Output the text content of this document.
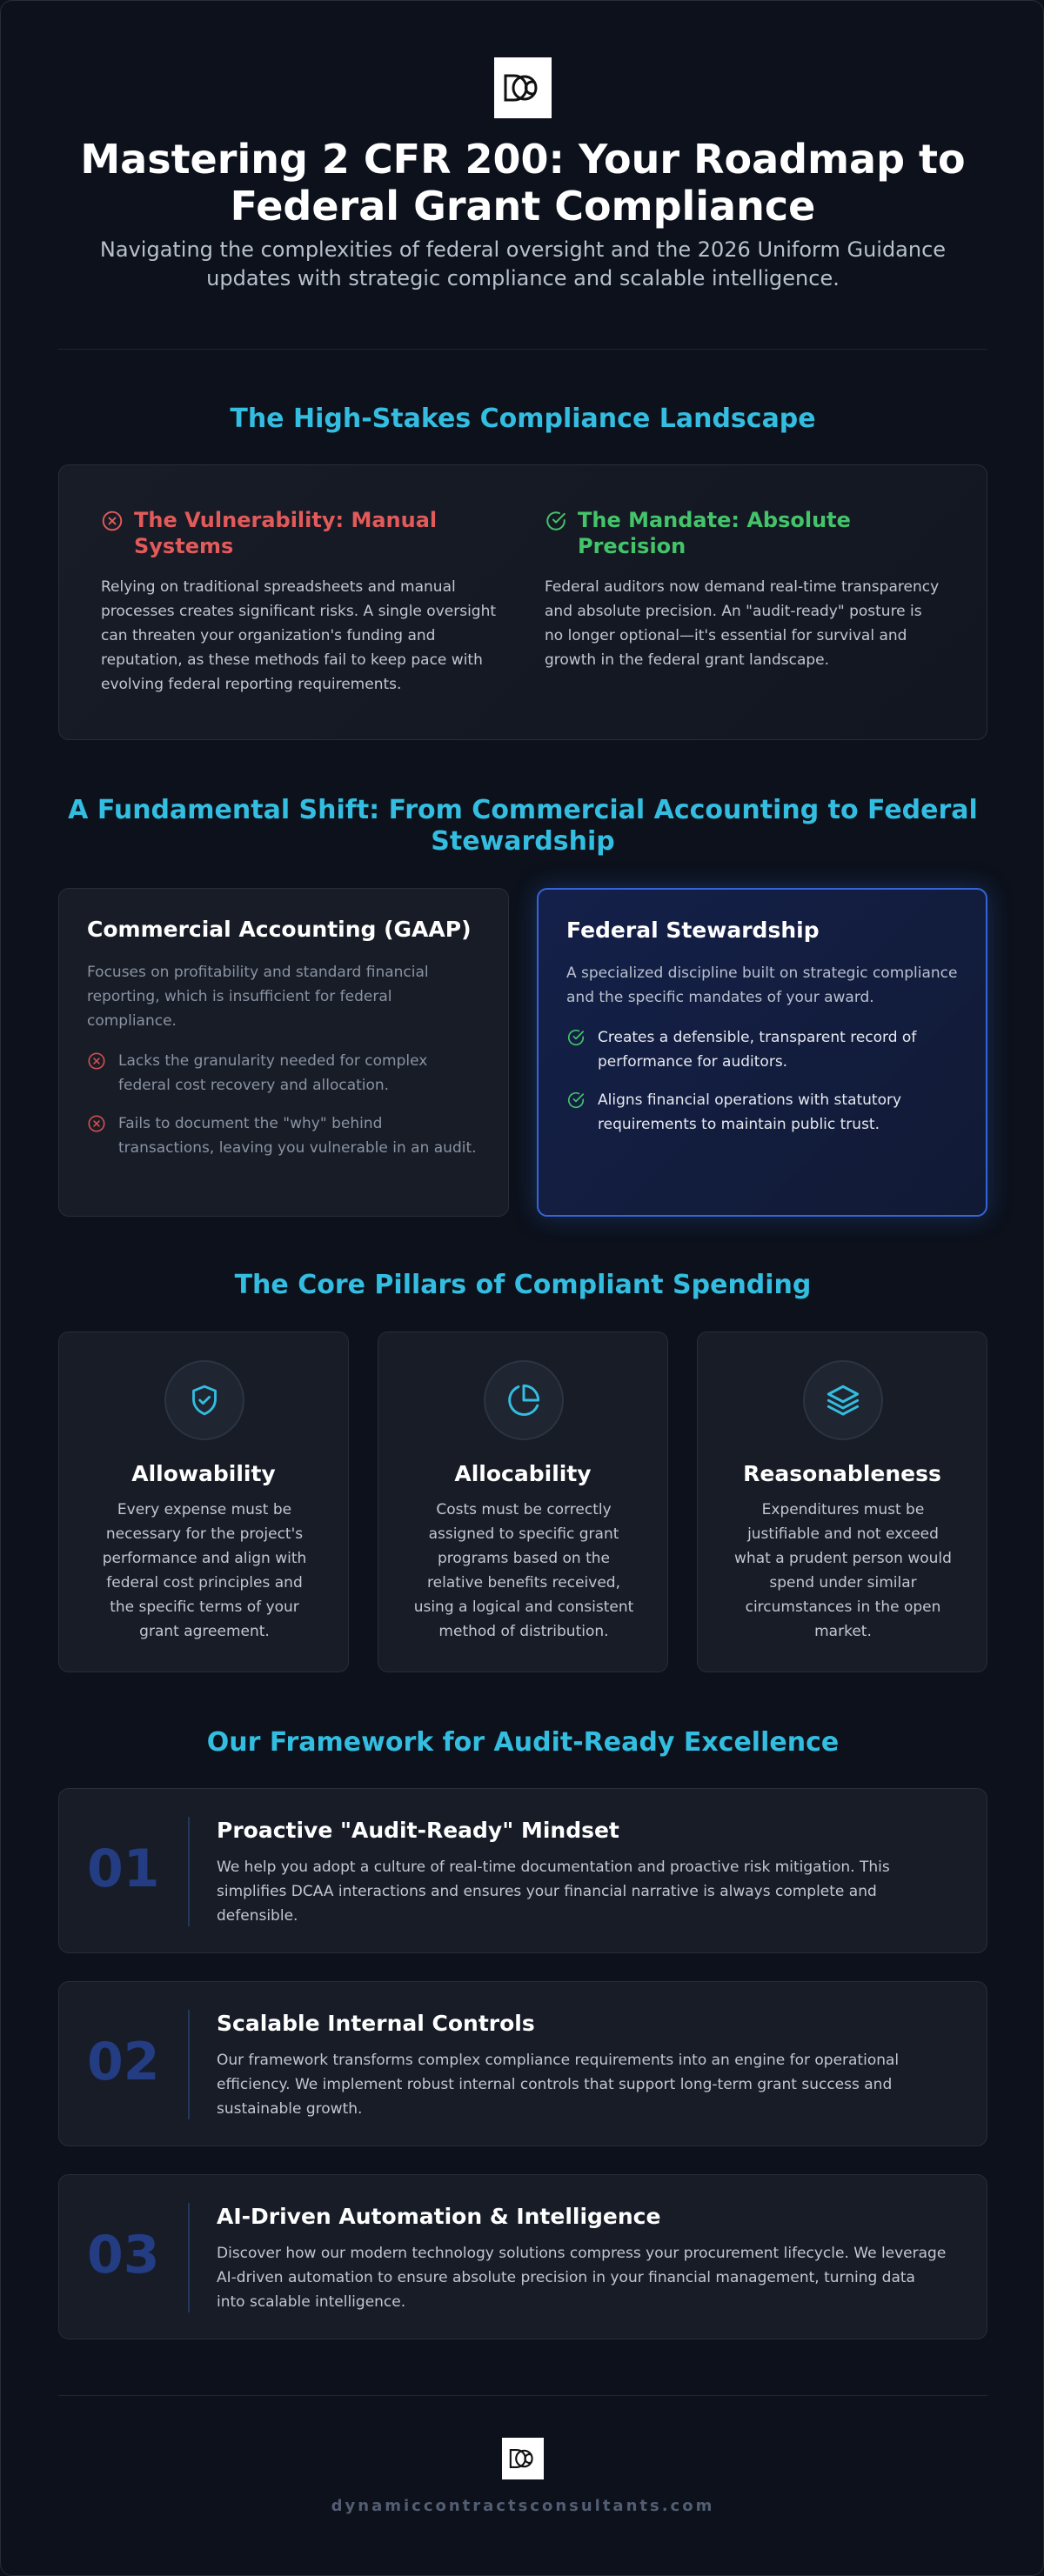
Mastering 2 CFR 200: Your Roadmap to Federal Grant Compliance
Navigating the complexities of federal oversight and the 2026 Uniform Guidance updates with strategic compliance and scalable intelligence.
The High-Stakes Compliance Landscape
The Vulnerability: Manual Systems
Relying on traditional spreadsheets and manual processes creates significant risks. A single oversight can threaten your organization's funding and reputation, as these methods fail to keep pace with evolving federal reporting requirements.
The Mandate: Absolute Precision
Federal auditors now demand real-time transparency and absolute precision. An "audit-ready" posture is no longer optional—it's essential for survival and growth in the federal grant landscape.
A Fundamental Shift: From Commercial Accounting to Federal Stewardship
Commercial Accounting (GAAP)
Focuses on profitability and standard financial reporting, which is insufficient for federal compliance.
Lacks the granularity needed for complex federal cost recovery and allocation.
Fails to document the "why" behind transactions, leaving you vulnerable in an audit.
Federal Stewardship
A specialized discipline built on strategic compliance and the specific mandates of your award.
Creates a defensible, transparent record of performance for auditors.
Aligns financial operations with statutory requirements to maintain public trust.
The Core Pillars of Compliant Spending
Allowability
Every expense must be necessary for the project's performance and align with federal cost principles and the specific terms of your grant agreement.
Allocability
Costs must be correctly assigned to specific grant programs based on the relative benefits received, using a logical and consistent method of distribution.
Reasonableness
Expenditures must be justifiable and not exceed what a prudent person would spend under similar circumstances in the open market.
Our Framework for Audit-Ready Excellence
01
Proactive "Audit-Ready" Mindset
We help you adopt a culture of real-time documentation and proactive risk mitigation. This simplifies DCAA interactions and ensures your financial narrative is always complete and defensible.
02
Scalable Internal Controls
Our framework transforms complex compliance requirements into an engine for operational efficiency. We implement robust internal controls that support long-term grant success and sustainable growth.
03
AI-Driven Automation & Intelligence
Discover how our modern technology solutions compress your procurement lifecycle. We leverage AI-driven automation to ensure absolute precision in your financial management, turning data into scalable intelligence.
dynamiccontractsconsultants.com
